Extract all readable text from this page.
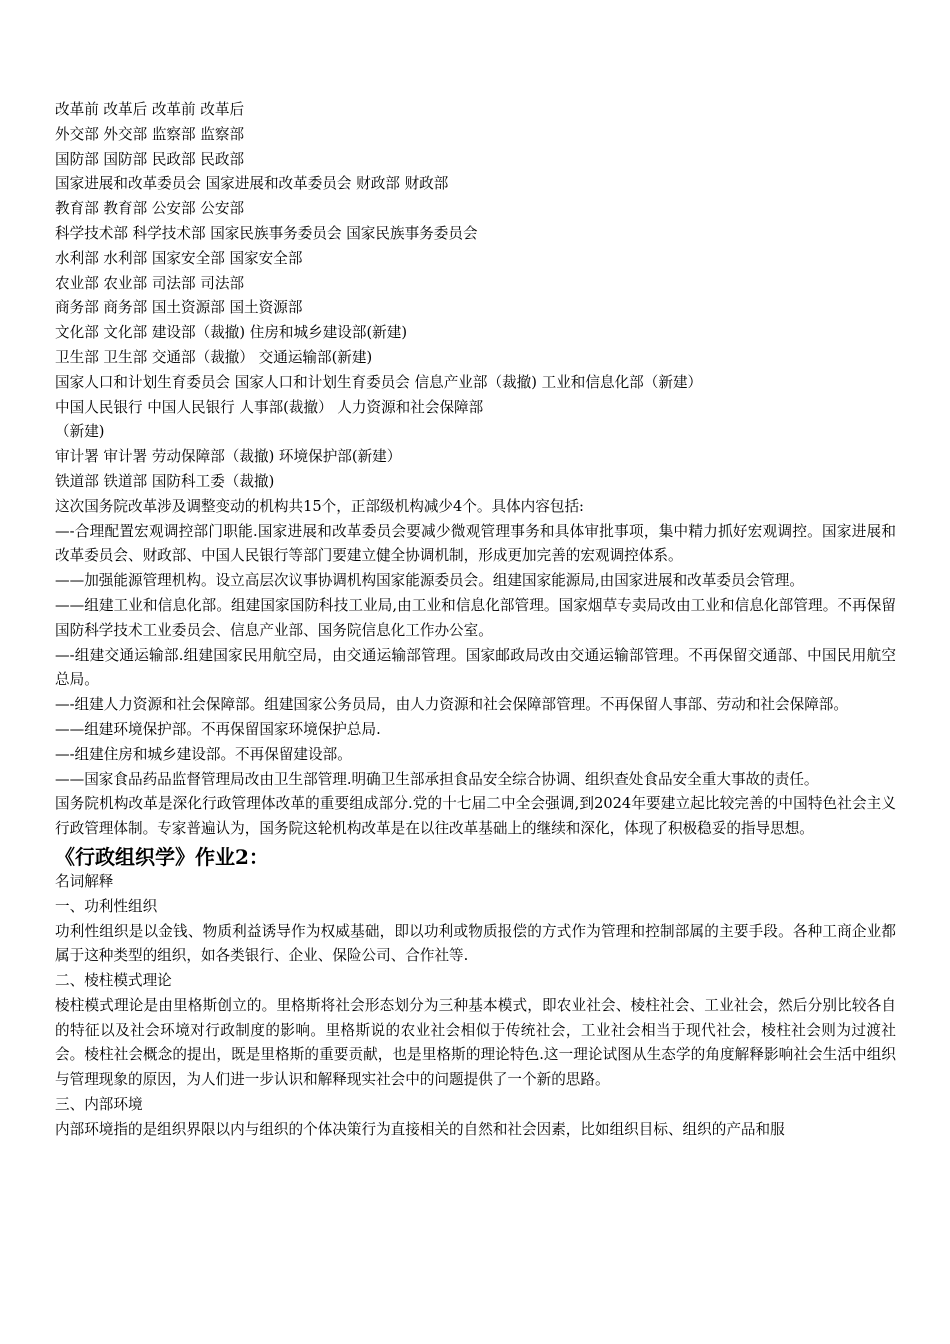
改革前 改革后 改革前 改革后
外交部 外交部 监察部 监察部
国防部 国防部 民政部 民政部
国家进展和改革委员会 国家进展和改革委员会 财政部 财政部
教育部 教育部 公安部 公安部
科学技术部 科学技术部 国家民族事务委员会 国家民族事务委员会
水利部 水利部 国家安全部 国家安全部
农业部 农业部 司法部 司法部
商务部 商务部 国土资源部 国土资源部
文化部 文化部 建设部（裁撤) 住房和城乡建设部(新建)
卫生部 卫生部 交通部（裁撤） 交通运输部(新建)
国家人口和计划生育委员会 国家人口和计划生育委员会 信息产业部（裁撤) 工业和信息化部（新建）
中国人民银行 中国人民银行 人事部(裁撤） 人力资源和社会保障部
（新建)
审计署 审计署 劳动保障部（裁撤) 环境保护部(新建）
铁道部 铁道部 国防科工委（裁撤)
这次国务院改革涉及调整变动的机构共15个，正部级机构减少4个。具体内容包括:
—-合理配置宏观调控部门职能.国家进展和改革委员会要减少微观管理事务和具体审批事项，集中精力抓好宏观调控。国家进展和改革委员会、财政部、中国人民银行等部门要建立健全协调机制，形成更加完善的宏观调控体系。
——加强能源管理机构。设立高层次议事协调机构国家能源委员会。组建国家能源局,由国家进展和改革委员会管理。
——组建工业和信息化部。组建国家国防科技工业局,由工业和信息化部管理。国家烟草专卖局改由工业和信息化部管理。不再保留国防科学技术工业委员会、信息产业部、国务院信息化工作办公室。
—-组建交通运输部.组建国家民用航空局，由交通运输部管理。国家邮政局改由交通运输部管理。不再保留交通部、中国民用航空总局。
—-组建人力资源和社会保障部。组建国家公务员局，由人力资源和社会保障部管理。不再保留人事部、劳动和社会保障部。
——组建环境保护部。不再保留国家环境保护总局.
—-组建住房和城乡建设部。不再保留建设部。
——国家食品药品监督管理局改由卫生部管理.明确卫生部承担食品安全综合协调、组织查处食品安全重大事故的责任。
国务院机构改革是深化行政管理体改革的重要组成部分.党的十七届二中全会强调,到2024年要建立起比较完善的中国特色社会主义行政管理体制。专家普遍认为，国务院这轮机构改革是在以往改革基础上的继续和深化，体现了积极稳妥的指导思想。
《行政组织学》作业2：
名词解释
一、功利性组织
功利性组织是以金钱、物质利益诱导作为权威基础，即以功利或物质报偿的方式作为管理和控制部属的主要手段。各种工商企业都属于这种类型的组织，如各类银行、企业、保险公司、合作社等.
二、棱柱模式理论
棱柱模式理论是由里格斯创立的。里格斯将社会形态划分为三种基本模式，即农业社会、棱柱社会、工业社会，然后分别比较各自的特征以及社会环境对行政制度的影响。里格斯说的农业社会相似于传统社会，工业社会相当于现代社会，棱柱社会则为过渡社会。棱柱社会概念的提出，既是里格斯的重要贡献，也是里格斯的理论特色.这一理论试图从生态学的角度解释影响社会生活中组织与管理现象的原因，为人们进一步认识和解释现实社会中的问题提供了一个新的思路。
三、内部环境
内部环境指的是组织界限以内与组织的个体决策行为直接相关的自然和社会因素，比如组织目标、组织的产品和服
